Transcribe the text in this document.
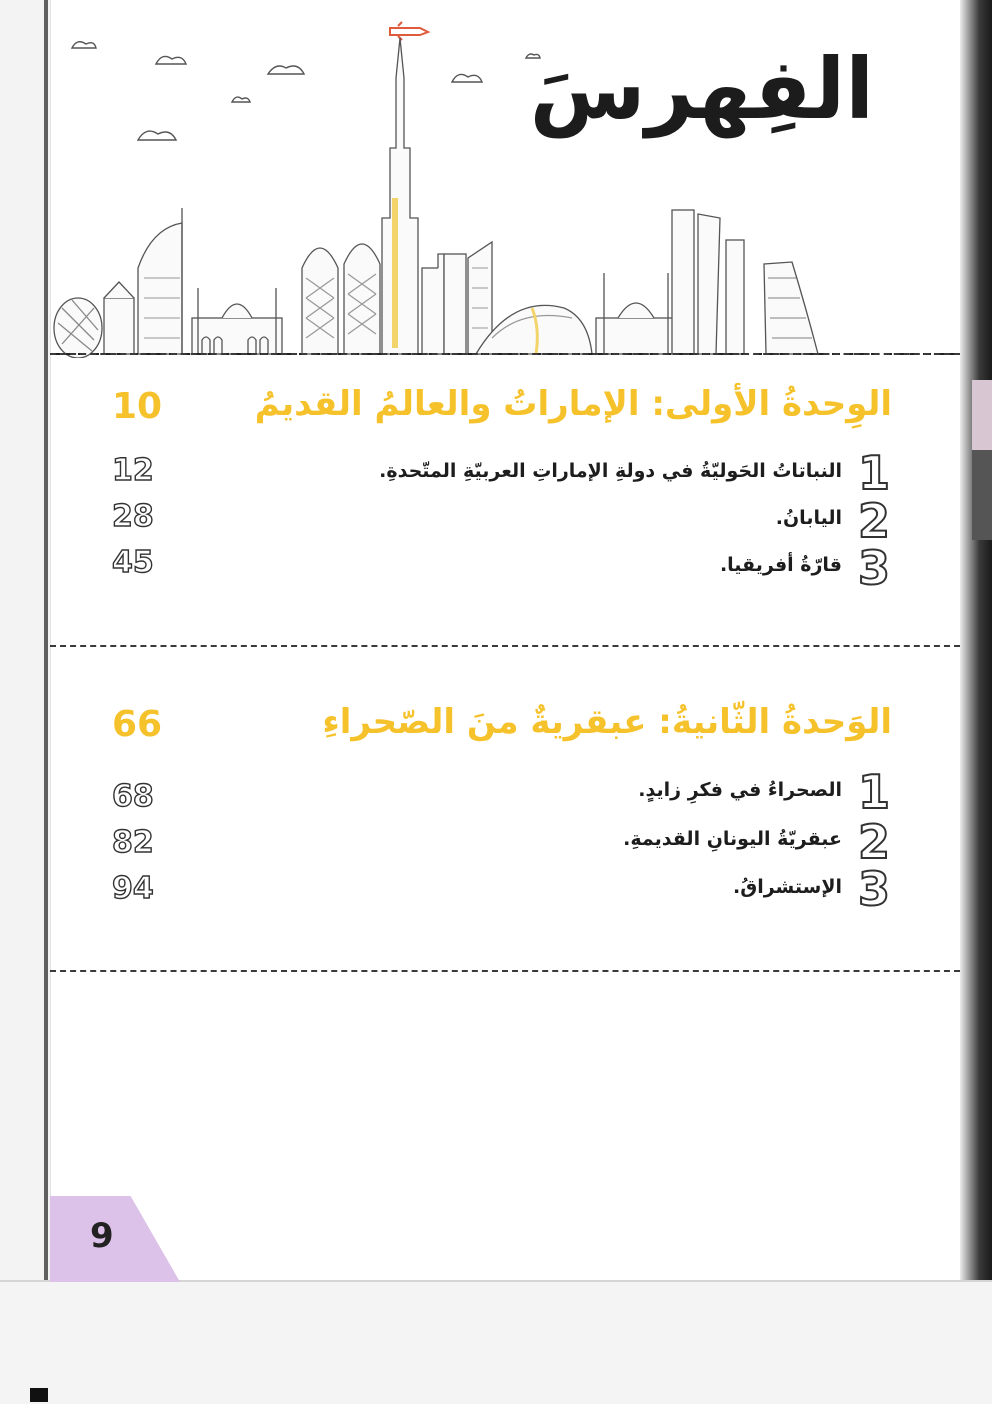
الفِهرسَ
الوِحدةُ الأولى: الإماراتُ والعالمُ القديمُ
10
1
النباتاتُ الحَوليّةُ في دولةِ الإماراتِ العربيّةِ المتّحدةِ.
12
2
اليابانُ.
28
3
قارّةُ أفريقيا.
45
الوَحدةُ الثّانيةُ: عبقريةٌ منَ الصّحراءِ
66
1
الصحراءُ في فكرِ زايدٍ.
68
2
عبقريّةُ اليونانِ القديمةِ.
82
3
الإستشراقُ.
94
9
